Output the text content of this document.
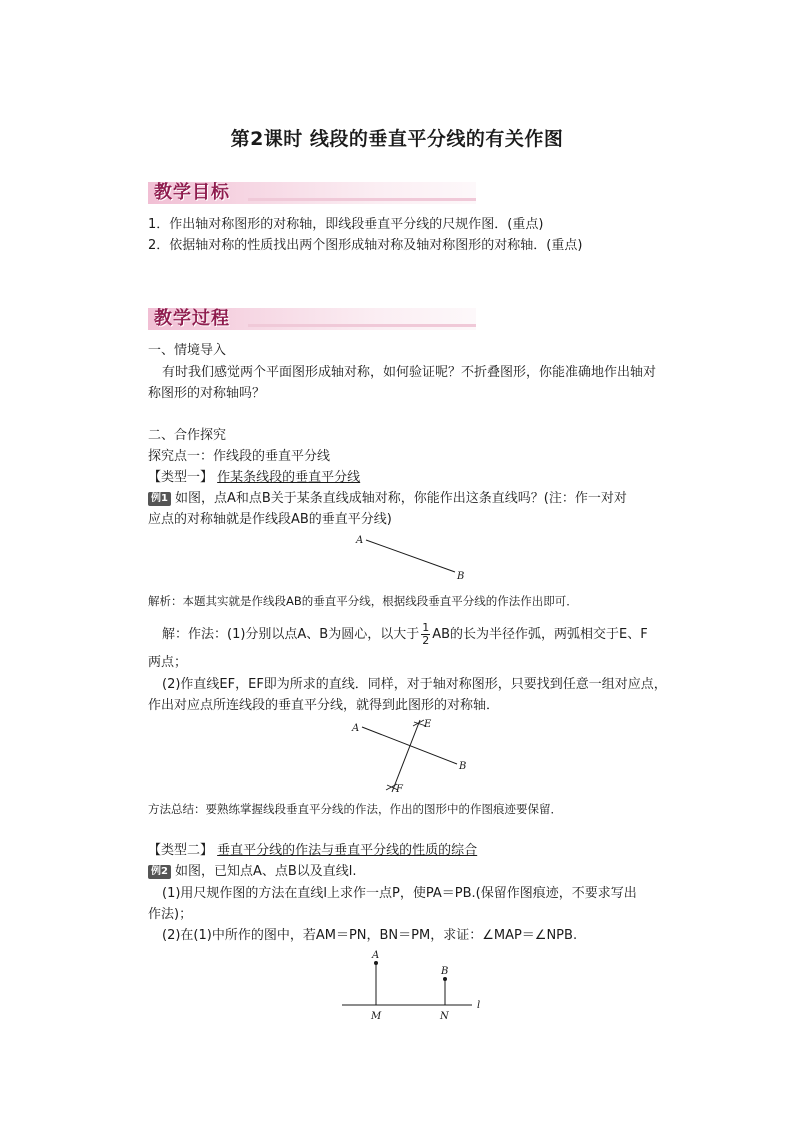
第2课时 线段的垂直平分线的有关作图
教学目标
1．作出轴对称图形的对称轴，即线段垂直平分线的尺规作图．(重点)
2．依据轴对称的性质找出两个图形成轴对称及轴对称图形的对称轴．(重点)
教学过程
一、情境导入
有时我们感觉两个平面图形成轴对称，如何验证呢？不折叠图形，你能准确地作出轴对
称图形的对称轴吗？
二、合作探究
探究点一：作线段的垂直平分线
【类型一】 作某条线段的垂直平分线
例1 如图，点A和点B关于某条直线成轴对称，你能作出这条直线吗？(注：作一对对
应点的对称轴就是作线段AB的垂直平分线)
A
B
解析：本题其实就是作线段AB的垂直平分线，根据线段垂直平分线的作法作出即可．
解：作法：(1)分别以点A、B为圆心，以大于 $\frac{1}{2}$ AB的长为半径作弧，两弧相交于E、F
两点；
(2)作直线EF，EF即为所求的直线．同样，对于轴对称图形，只要找到任意一组对应点，
作出对应点所连线段的垂直平分线，就得到此图形的对称轴．
A
B
E
F
方法总结：要熟练掌握线段垂直平分线的作法，作出的图形中的作图痕迹要保留．
【类型二】 垂直平分线的作法与垂直平分线的性质的综合
例2 如图，已知点A、点B以及直线l.
(1)用尺规作图的方法在直线l上求作一点P，使PA＝PB.(保留作图痕迹，不要求写出
作法)；
(2)在(1)中所作的图中，若AM＝PN，BN＝PM，求证：∠MAP＝∠NPB.
A
B
M	N
l
